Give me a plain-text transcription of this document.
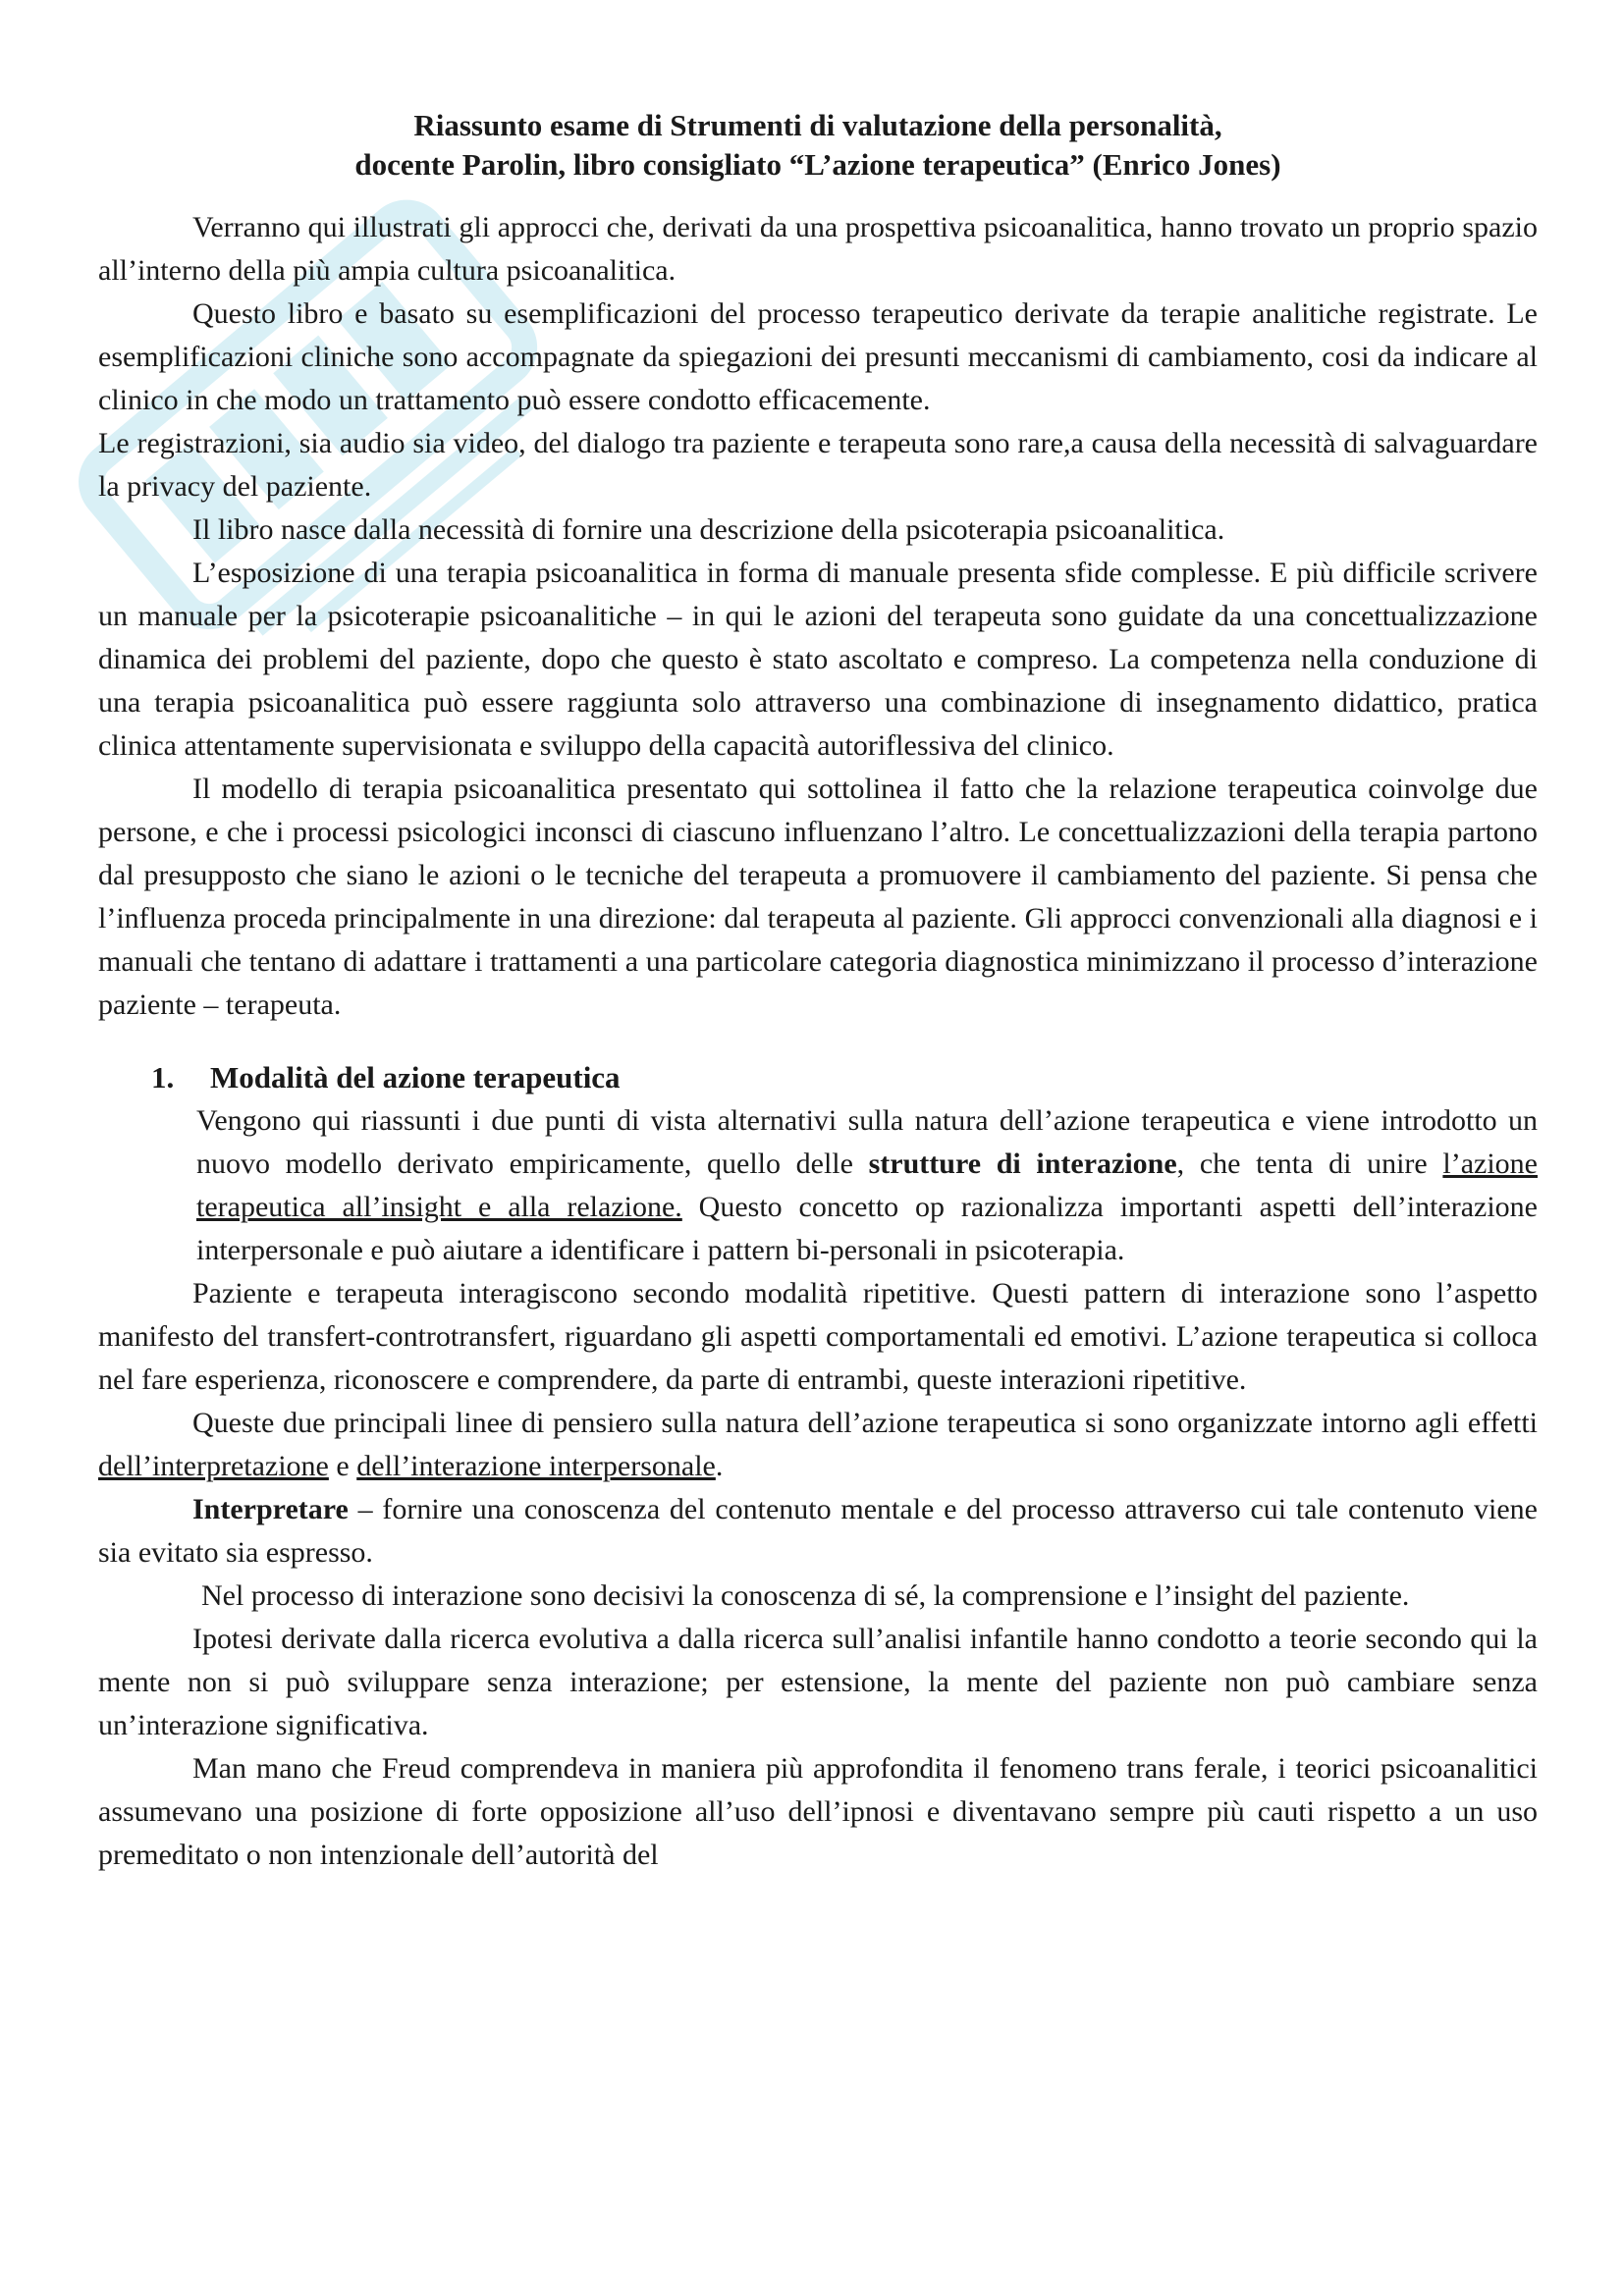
Riassunto esame di Strumenti di valutazione della personalità,
docente Parolin, libro consigliato “L’azione terapeutica” (Enrico Jones)

Verranno qui illustrati gli approcci che, derivati da una prospettiva psicoanalitica, hanno trovato un proprio spazio all’interno della più ampia cultura psicoanalitica.

Questo libro e basato su esemplificazioni del processo terapeutico derivate da terapie analitiche registrate. Le esemplificazioni cliniche sono accompagnate da spiegazioni dei presunti meccanismi di cambiamento, cosi da indicare al clinico in che modo un trattamento può essere condotto efficacemente.

Le registrazioni, sia audio sia video, del dialogo tra paziente e terapeuta sono rare,a causa della necessità di salvaguardare la privacy del paziente.

Il libro nasce dalla necessità di fornire una descrizione della psicoterapia psicoanalitica.

L’esposizione di una terapia psicoanalitica in forma di manuale presenta sfide complesse. E più difficile scrivere un manuale per la psicoterapie psicoanalitiche – in qui le azioni del terapeuta sono guidate da una concettualizzazione dinamica dei problemi del paziente, dopo che questo è stato ascoltato e compreso. La competenza nella conduzione di una terapia psicoanalitica può essere raggiunta solo attraverso una combinazione di insegnamento didattico, pratica clinica attentamente supervisionata e sviluppo della capacità autoriflessiva del clinico.

Il modello di terapia psicoanalitica presentato qui sottolinea il fatto che la relazione terapeutica coinvolge due persone, e che i processi psicologici inconsci di ciascuno influenzano l’altro. Le concettualizzazioni della terapia partono dal presupposto che siano le azioni o le tecniche del terapeuta a promuovere il cambiamento del paziente. Si pensa che l’influenza proceda principalmente in una direzione: dal terapeuta al paziente. Gli approcci convenzionali alla diagnosi e i manuali che tentano di adattare i trattamenti a una particolare categoria diagnostica minimizzano il processo d’interazione paziente – terapeuta.

1. Modalità del azione terapeutica

Vengono qui riassunti i due punti di vista alternativi sulla natura dell’azione terapeutica e viene introdotto un nuovo modello derivato empiricamente, quello delle strutture di interazione, che tenta di unire l’azione terapeutica all’insight e alla relazione. Questo concetto op razionalizza importanti aspetti dell’interazione interpersonale e può aiutare a identificare i pattern bi-personali in psicoterapia.

Paziente e terapeuta interagiscono secondo modalità ripetitive. Questi pattern di interazione sono l’aspetto manifesto del transfert-controtransfert, riguardano gli aspetti comportamentali ed emotivi. L’azione terapeutica si colloca nel fare esperienza, riconoscere e comprendere, da parte di entrambi, queste interazioni ripetitive.

Queste due principali linee di pensiero sulla natura dell’azione terapeutica si sono organizzate intorno agli effetti dell’interpretazione e dell’interazione interpersonale.

Interpretare – fornire una conoscenza del contenuto mentale e del processo attraverso cui tale contenuto viene sia evitato sia espresso.

Nel processo di interazione sono decisivi la conoscenza di sé, la comprensione e l’insight del paziente.

Ipotesi derivate dalla ricerca evolutiva a dalla ricerca sull’analisi infantile hanno condotto a teorie secondo qui la mente non si può sviluppare senza interazione; per estensione, la mente del paziente non può cambiare senza un’interazione significativa.

Man mano che Freud comprendeva in maniera più approfondita il fenomeno trans ferale, i teorici psicoanalitici assumevano una posizione di forte opposizione all’uso dell’ipnosi e diventavano sempre più cauti rispetto a un uso premeditato o non intenzionale dell’autorità del
